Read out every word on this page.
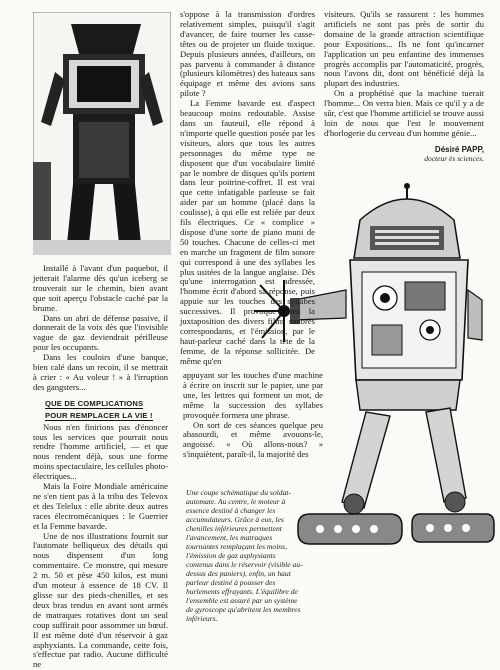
Installé à l'avant d'un paquebot, il jetterait l'alarme dès qu'un iceberg se trouverait sur le chemin, bien avant que soit aperçu l'obstacle caché par la brume.

Dans un abri de défense passive, il donnerait de la voix dès que l'invisible vague de gaz deviendrait périlleuse pour les occupants.

Dans les couloirs d'une banque, bien calé dans un recoin, il se mettrait à crier : « Au voleur ! » à l'irruption des gangsters...

QUE DE COMPLICATIONS

POUR REMPLACER LA VIE !

Nous n'en finirions pas d'énoncer tous les services que pourrait nous rendre l'homme artificiel, — et que nous rendent déjà, sous une forme moins spectaculaire, les cellules photo-électriques...

Mais la Foire Mondiale américaine ne s'en tient pas à la tribu des Televox et des Telelux : elle abrite deux autres races électromécaniques : le Guerrier et la Femme bavarde.

Une de nos illustrations fournit sur l'automate belliqueux des détails qui nous dispensent d'un long commentaire. Ce monstre, qui mesure 2 m. 50 et pèse 450 kilos, est muni d'un moteur à essence de 18 CV. Il glisse sur des pieds-chenilles, et ses deux bras tendus en avant sont armés de matraques rotatives dont un seul coup suffirait pour assommer un bœuf. Il est même doté d'un réservoir à gaz asphyxiants. La commande, cette fois, s'effectue par radio. Aucune difficulté ne

s'oppose à la transmission d'ordres relativement simples, puisqu'il s'agit d'avancer, de faire tourner les casse-têtes ou de projeter un fluide toxique. Depuis plusieurs années, d'ailleurs, on pas parvenu à commander à distance (plusieurs kilomètres) des bateaux sans équipage et même des avions sans pilote ?

La Femme bavarde est d'aspect beaucoup moins redoutable. Assise dans un fauteuil, elle répond à n'importe quelle question posée par les visiteurs, alors que tous les autres personnages du même type ne disposent que d'un vocabulaire limité par le nombre de disques qu'ils portent dans leur poitrine-coffret. Il est vrai que cette infatigable parleuse se fait aider par un homme (placé dans la coulisse), à qui elle est reliée par deux fils électriques. Ce « complice » dispose d'une sorte de piano muni de 50 touches. Chacune de celles-ci met en marche un fragment de film sonore qui correspond à une des syllabes les plus usitées de la langue anglaise. Dès qu'une interrogation est adressée, l'homme écrit d'abord sa réponse, puis appuie sur les touches des syllabes successives. Il provoque ainsi la juxtaposition des divers films sonores correspondants, et l'émission, par le haut-parleur caché dans la tête de la femme, de la réponse sollicitée. De même qu'en

visiteurs. Qu'ils se rassurent : les hommes artificiels ne sont pas près de sortir du domaine de la grande attraction scientifique pour Expositions... Ils ne font qu'incarner l'application un peu enfantine des immenses progrès accomplis par l'automaticité, progrès, nous l'avons dit, dont ont bénéficié déjà la plupart des industries.

On a prophétisé que la machine tuerait l'homme... On verra bien. Mais ce qu'il y a de sûr, c'est que l'homme artificiel se trouve aussi loin de nous que l'est le mouvement d'horlogerie du cerveau d'un homme génie...

Désiré PAPP,
docteur ès sciences.

appuyant sur les touches d'une machine à écrire on inscrit sur le papier, une par une, les lettres qui forment un mot, de même la succession des syllabes provoquée formera une phrase.

On sort de ces séances quelque peu abasourdi, et même avouons-le, angoissé. « Où allons-nous? » s'inquiètent, paraît-il, la majorité des

Une coupe schématique du soldat-automate. Au centre, le moteur à essence destiné à changer les accumulateurs. Grâce à eux, les chenilles inférieures permettent l'avancement, les matraques tournantes remplaçant les moins, l'émission de gaz asphyxiants contenus dans le réservoir (visible au-dessus des paniers), enfin, un haut parleur destiné à pousser des hurlements effrayants. L'équilibre de l'ensemble est assuré par un système de gyroscope qu'abritent les membres inférieurs.
